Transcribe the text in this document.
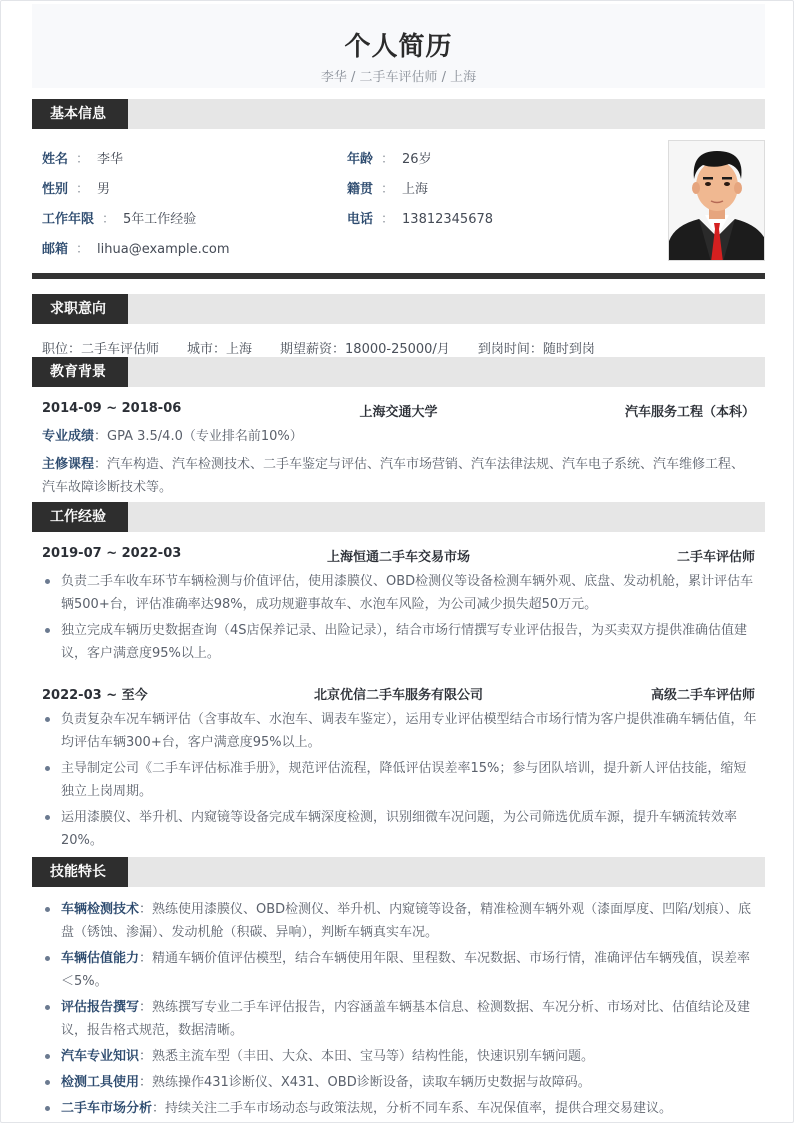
个人简历
李华 / 二手车评估师 / 上海
基本信息
姓名 ： 李华
性别 ： 男
工作年限 ： 5年工作经验
邮箱 ： lihua@example.com
年龄 ： 26岁
籍贯 ： 上海
电话 ： 13812345678
求职意向
职位：二手车评估师 城市：上海 期望薪资：18000-25000/月 到岗时间：随时到岗
教育背景
2014-09 ~ 2018-06	上海交通大学	汽车服务工程（本科）
专业成绩：GPA 3.5/4.0（专业排名前10%）
主修课程：汽车构造、汽车检测技术、二手车鉴定与评估、汽车市场营销、汽车法律法规、汽车电子系统、汽车维修工程、汽车故障诊断技术等。
工作经验
2019-07 ~ 2022-03	上海恒通二手车交易市场	二手车评估师
负责二手车收车环节车辆检测与价值评估，使用漆膜仪、OBD检测仪等设备检测车辆外观、底盘、发动机舱，累计评估车辆500+台，评估准确率达98%，成功规避事故车、水泡车风险，为公司减少损失超50万元。
独立完成车辆历史数据查询（4S店保养记录、出险记录），结合市场行情撰写专业评估报告，为买卖双方提供准确估值建议，客户满意度95%以上。
2022-03 ~ 至今	北京优信二手车服务有限公司	高级二手车评估师
负责复杂车况车辆评估（含事故车、水泡车、调表车鉴定），运用专业评估模型结合市场行情为客户提供准确车辆估值，年均评估车辆300+台，客户满意度95%以上。
主导制定公司《二手车评估标准手册》，规范评估流程，降低评估误差率15%；参与团队培训，提升新人评估技能，缩短独立上岗周期。
运用漆膜仪、举升机、内窥镜等设备完成车辆深度检测，识别细微车况问题，为公司筛选优质车源，提升车辆流转效率20%。
技能特长
车辆检测技术：熟练使用漆膜仪、OBD检测仪、举升机、内窥镜等设备，精准检测车辆外观（漆面厚度、凹陷/划痕）、底盘（锈蚀、渗漏）、发动机舱（积碳、异响），判断车辆真实车况。
车辆估值能力：精通车辆价值评估模型，结合车辆使用年限、里程数、车况数据、市场行情，准确评估车辆残值，误差率＜5%。
评估报告撰写：熟练撰写专业二手车评估报告，内容涵盖车辆基本信息、检测数据、车况分析、市场对比、估值结论及建议，报告格式规范，数据清晰。
汽车专业知识：熟悉主流车型（丰田、大众、本田、宝马等）结构性能，快速识别车辆问题。
检测工具使用：熟练操作431诊断仪、X431、OBD诊断设备，读取车辆历史数据与故障码。
二手车市场分析：持续关注二手车市场动态与政策法规，分析不同车系、车况保值率，提供合理交易建议。
